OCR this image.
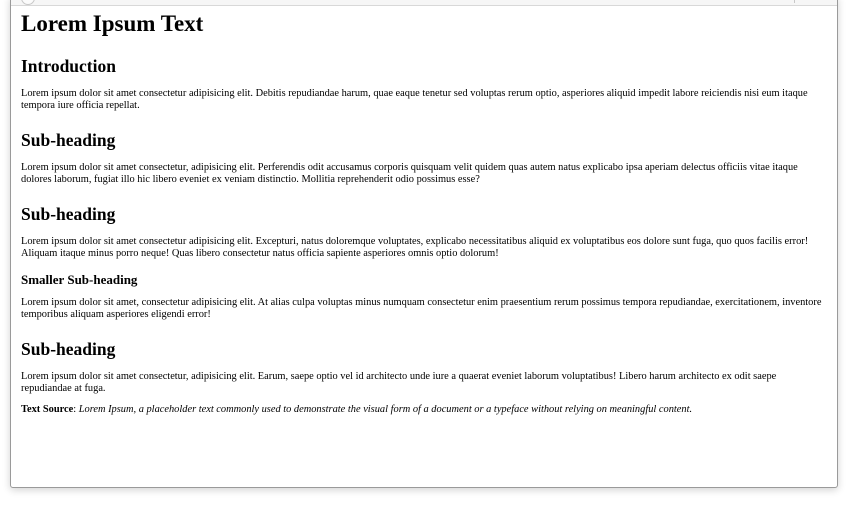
Lorem Ipsum Text
Introduction

Lorem ipsum dolor sit amet consectetur adipisicing elit. Debitis repudiandae harum, quae eaque tenetur sed voluptas rerum optio, asperiores aliquid impedit labore reiciendis nisi eum itaque tempora iure officia repellat.

Sub-heading

Lorem ipsum dolor sit amet consectetur, adipisicing elit. Perferendis odit accusamus corporis quisquam velit quidem quas autem natus explicabo ipsa aperiam delectus officiis vitae itaque dolores laborum, fugiat illo hic libero eveniet ex veniam distinctio. Mollitia reprehenderit odio possimus esse?

Sub-heading

Lorem ipsum dolor sit amet consectetur adipisicing elit. Excepturi, natus doloremque voluptates, explicabo necessitatibus aliquid ex voluptatibus eos dolore sunt fuga, quo quos facilis error! Aliquam itaque minus porro neque! Quas libero consectetur natus officia sapiente asperiores omnis optio dolorum!

Smaller Sub-heading

Lorem ipsum dolor sit amet, consectetur adipisicing elit. At alias culpa voluptas minus numquam consectetur enim praesentium rerum possimus tempora repudiandae, exercitationem, inventore temporibus aliquam asperiores eligendi error!

Sub-heading

Lorem ipsum dolor sit amet consectetur, adipisicing elit. Earum, saepe optio vel id architecto unde iure a quaerat eveniet laborum voluptatibus! Libero harum architecto ex odit saepe repudiandae at fuga.

Text Source: Lorem Ipsum, a placeholder text commonly used to demonstrate the visual form of a document or a typeface without relying on meaningful content.
